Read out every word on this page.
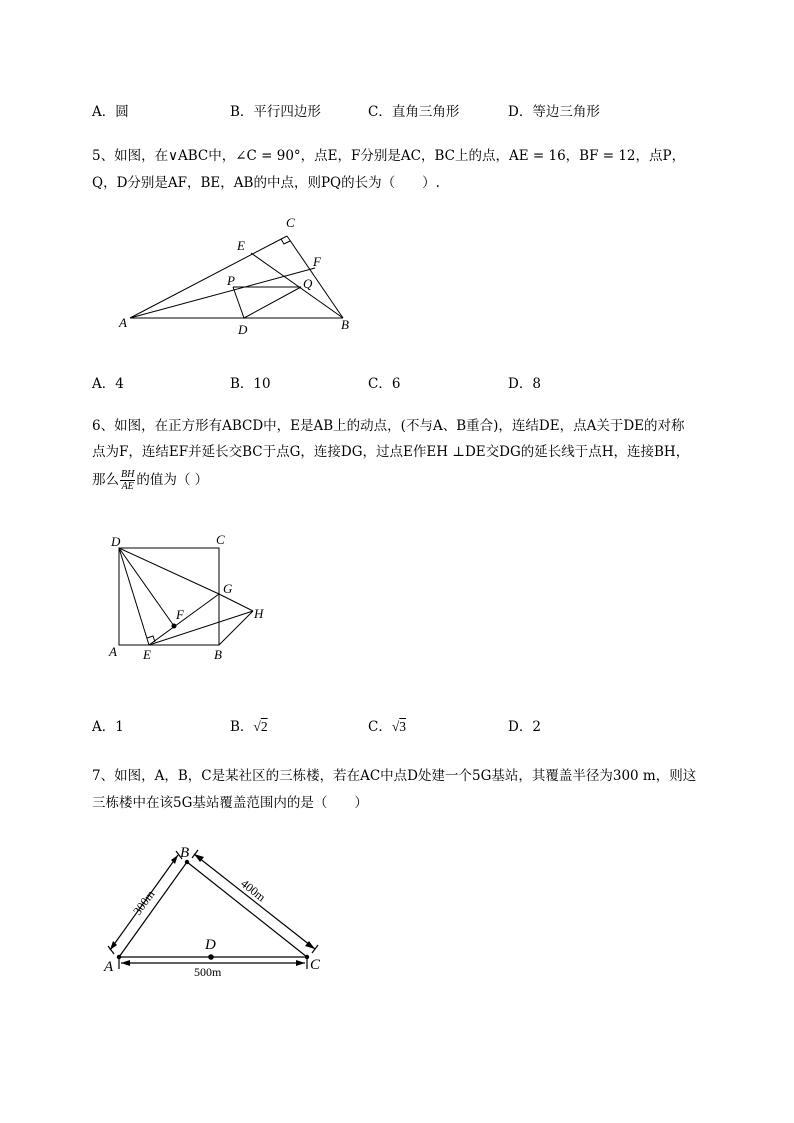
A．圆	B．平行四边形	C．直角三角形	D．等边三角形
5、如图，在∨ABC中，∠C = 90°，点E，F分别是AC，BC上的点，AE = 16，BF = 12，点P，
Q，D分别是AF，BE，AB的中点，则PQ的长为（　　）.
C
E
F
P	Q
A	D	B
A．4	B．10	C．6	D．8
6、如图，在正方形有ABCD中，E是AB上的动点，(不与A、B重合)，连结DE，点A关于DE的对称
点为F，连结EF并延长交BC于点G，连接DG，过点E作EH ⊥DE交DG的延长线于点H，连接BH，
那么 $\frac{BH}{AE}$ 的值为（ ）
D	C
G
F	H
A E	B
A．1	B．√2	C．√3	D．2
7、如图，A，B，C是某社区的三栋楼，若在AC中点D处建一个5G基站，其覆盖半径为300 m，则这
三栋楼中在该5G基站覆盖范围内的是（　　）
B
A	C
D
300m	400m
500m
